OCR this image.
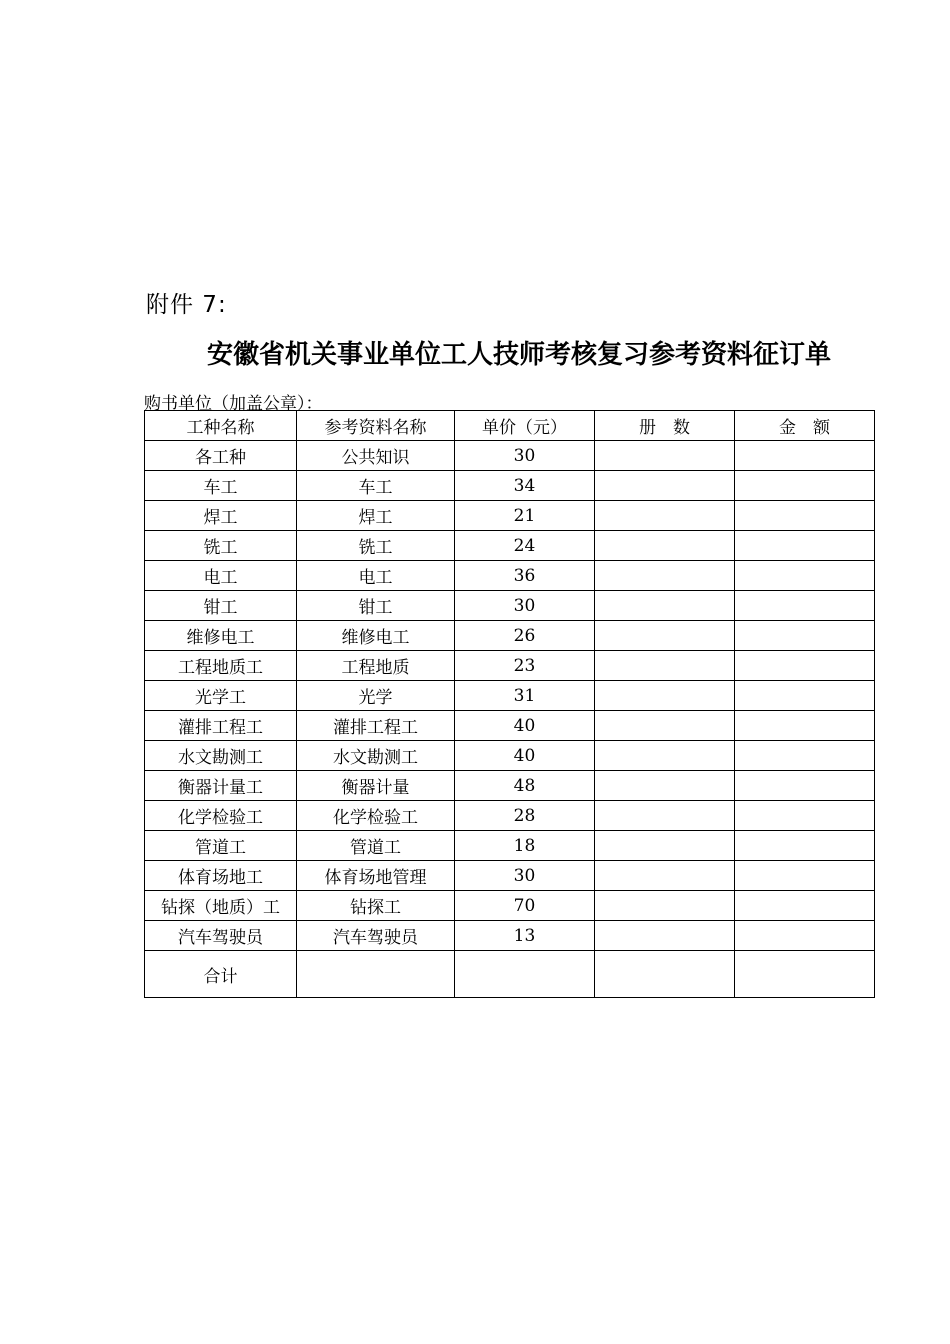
附件 7:
安徽省机关事业单位工人技师考核复习参考资料征订单
购书单位（加盖公章）：
工种名称	参考资料名称	单价（元）	册　数	金　额
各工种	公共知识	30		
车工	车工	34		
焊工	焊工	21		
铣工	铣工	24		
电工	电工	36		
钳工	钳工	30		
维修电工	维修电工	26		
工程地质工	工程地质	23		
光学工	光学	31		
灌排工程工	灌排工程工	40		
水文勘测工	水文勘测工	40		
衡器计量工	衡器计量	48		
化学检验工	化学检验工	28		
管道工	管道工	18		
体育场地工	体育场地管理	30		
钻探（地质）工	钻探工	70		
汽车驾驶员	汽车驾驶员	13		
合计				
